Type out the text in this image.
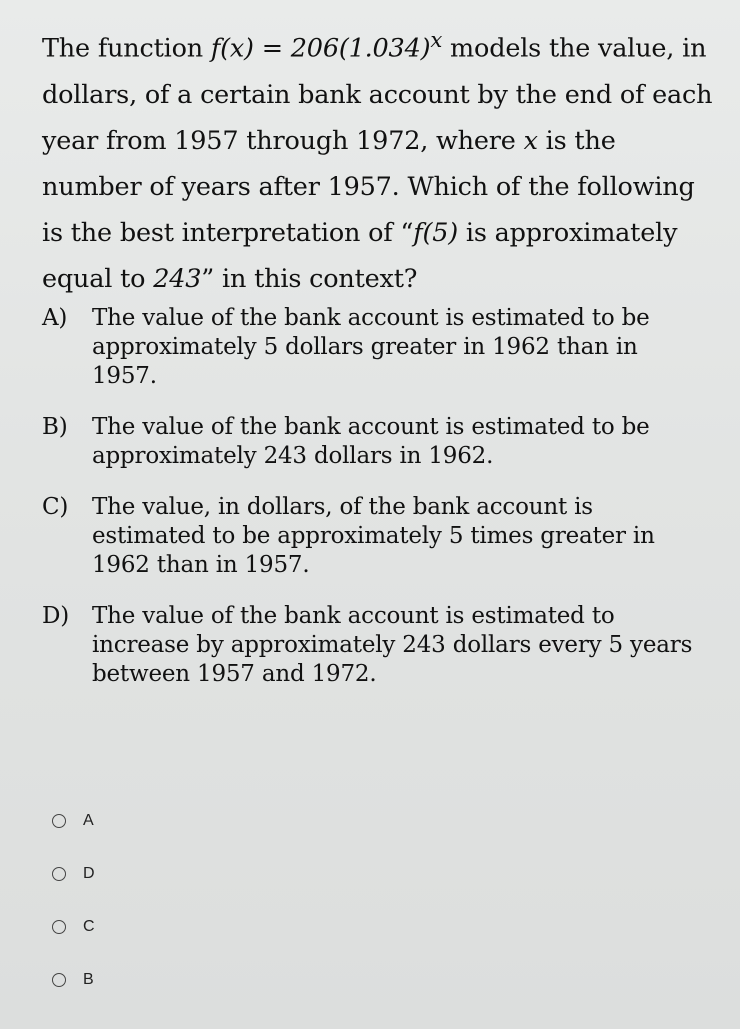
The function $f(x) = 206(1.034)^x$ models the value, in dollars, of a certain bank account by the end of each year from 1957 through 1972, where x is the number of years after 1957. Which of the following is the best interpretation of “f(5) is approximately equal to 243” in this context?
A)	The value of the bank account is estimated to be approximately 5 dollars greater in 1962 than in 1957.
B)	The value of the bank account is estimated to be approximately 243 dollars in 1962.
C)	The value, in dollars, of the bank account is estimated to be approximately 5 times greater in 1962 than in 1957.
D) The value of the bank account is estimated to increase by approximately 243 dollars every 5 years between 1957 and 1972.
A
D
C
B
